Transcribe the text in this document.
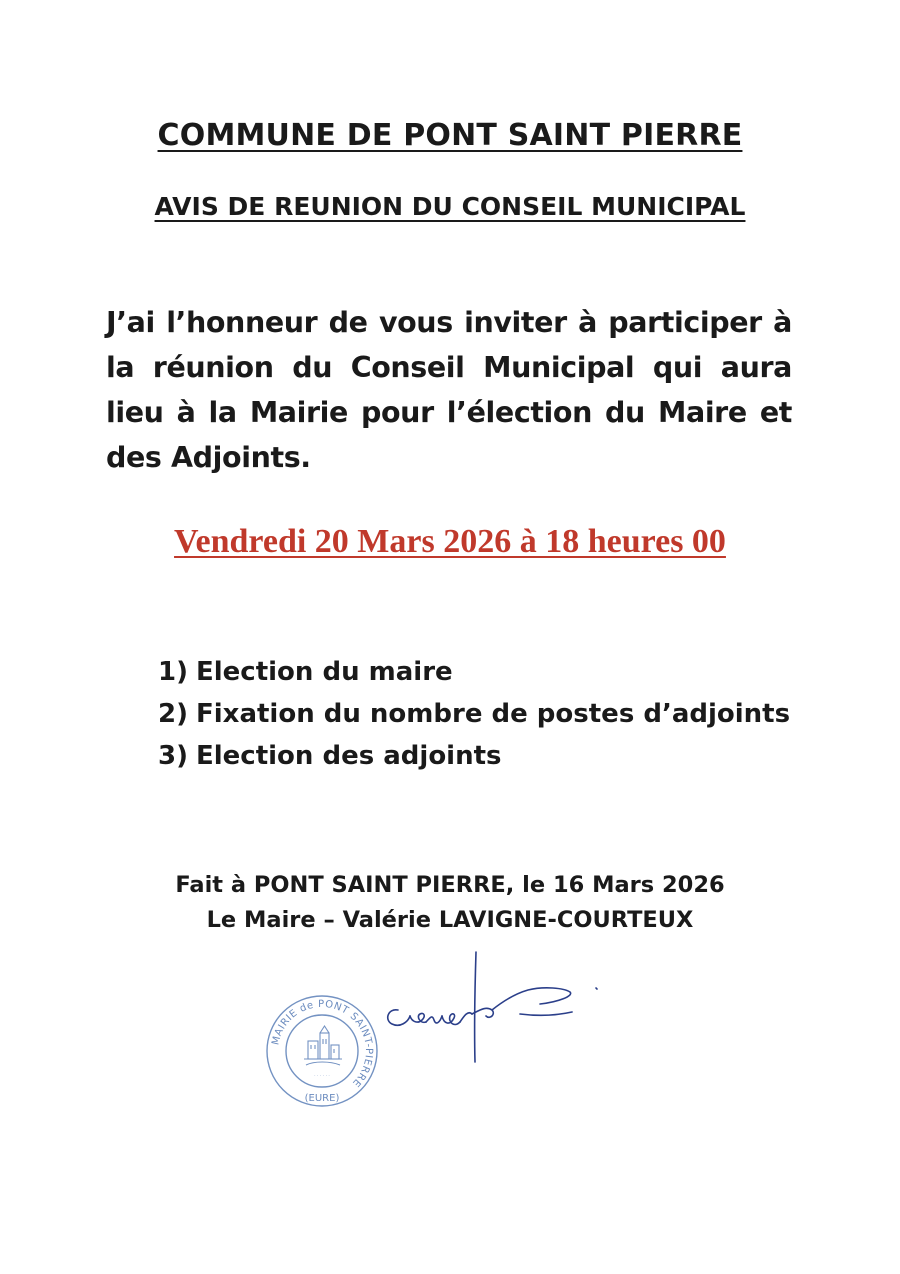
COMMUNE DE PONT SAINT PIERRE
AVIS DE REUNION DU CONSEIL MUNICIPAL

J’ai l’honneur de vous inviter à participer à la réunion du Conseil Municipal qui aura lieu à la Mairie pour l’élection du Maire et des Adjoints.

Vendredi 20 Mars 2026 à 18 heures 00

1) Election du maire
2) Fixation du nombre de postes d’adjoints
3) Election des adjoints
Fait à PONT SAINT PIERRE, le 16 Mars 2026
Le Maire – Valérie LAVIGNE-COURTEUX
MAIRIE de PONT SAINT-PIERRE
· · · · · ·
(EURE)
